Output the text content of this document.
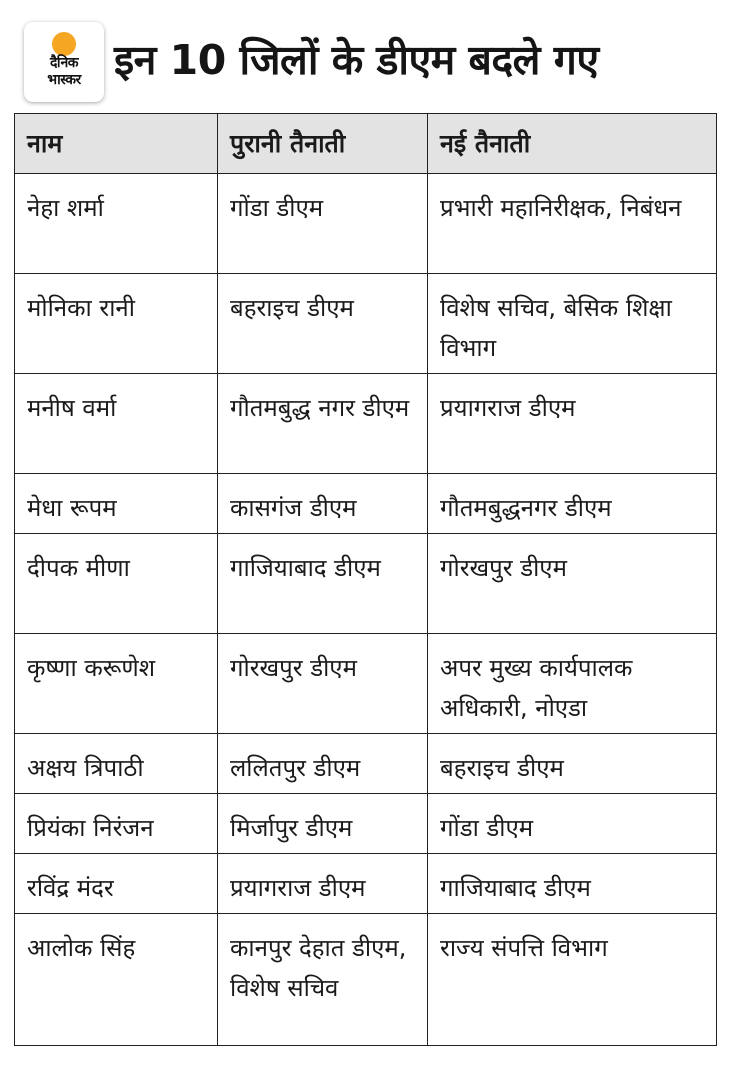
दैनिक
भास्कर इन 10 जिलों के डीएम बदले गए
नाम	पुरानी तैनाती	नई तैनाती
नेहा शर्मा	गोंडा डीएम	प्रभारी महानिरीक्षक, निबंधन
मोनिका रानी	बहराइच डीएम	विशेष सचिव, बेसिक शिक्षा विभाग
मनीष वर्मा	गौतमबुद्ध नगर डीएम	प्रयागराज डीएम
मेधा रूपम	कासगंज डीएम	गौतमबुद्धनगर डीएम
दीपक मीणा	गाजियाबाद डीएम	गोरखपुर डीएम
कृष्णा करूणेश	गोरखपुर डीएम	अपर मुख्य कार्यपालक अधिकारी, नोएडा
अक्षय त्रिपाठी	ललितपुर डीएम	बहराइच डीएम
प्रियंका निरंजन	मिर्जापुर डीएम	गोंडा डीएम
रविंद्र मंदर	प्रयागराज डीएम	गाजियाबाद डीएम
आलोक सिंह	कानपुर देहात डीएम, विशेष सचिव	राज्य संपत्ति विभाग
